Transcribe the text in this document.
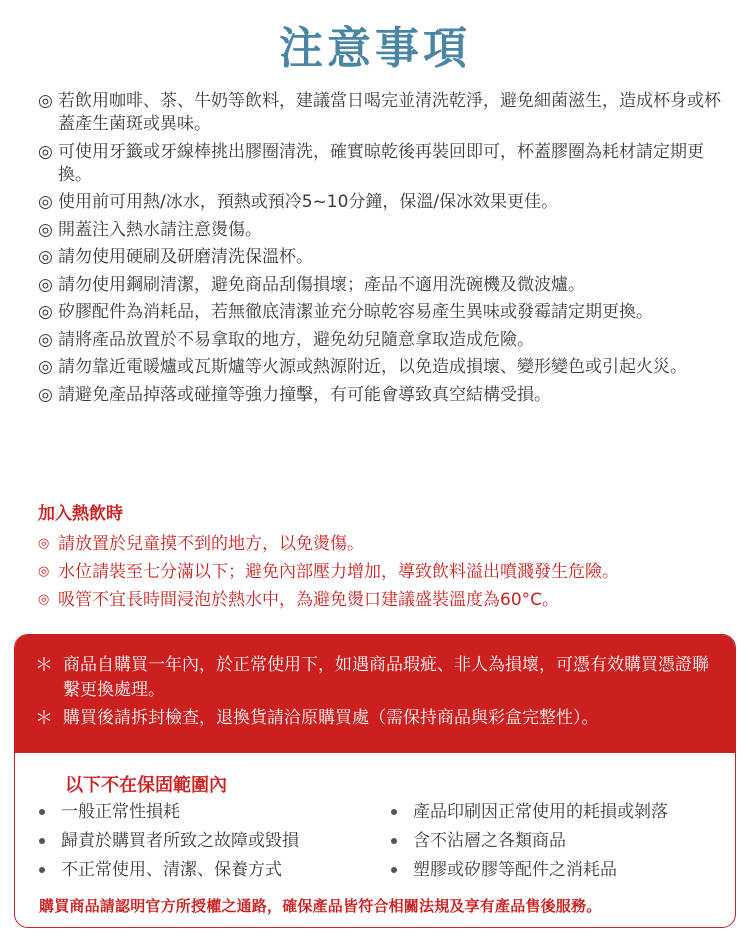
注意事項
◎ 若飲用咖啡、茶、牛奶等飲料，建議當日喝完並清洗乾淨，避免細菌滋生，造成杯身或杯蓋產生菌斑或異味。
◎ 可使用牙籤或牙線棒挑出膠圈清洗，確實晾乾後再裝回即可，杯蓋膠圈為耗材請定期更換。
◎ 使用前可用熱/冰水，預熱或預冷5~10分鐘，保溫/保冰效果更佳。
◎ 開蓋注入熱水請注意燙傷。
◎ 請勿使用硬刷及研磨清洗保溫杯。
◎ 請勿使用鋼刷清潔，避免商品刮傷損壞；產品不適用洗碗機及微波爐。
◎ 矽膠配件為消耗品，若無徹底清潔並充分晾乾容易產生異味或發霉請定期更換。
◎ 請將產品放置於不易拿取的地方，避免幼兒隨意拿取造成危險。
◎ 請勿靠近電暖爐或瓦斯爐等火源或熱源附近，以免造成損壞、變形變色或引起火災。
◎ 請避免產品掉落或碰撞等強力撞擊，有可能會導致真空結構受損。
加入熱飲時
◎ 請放置於兒童摸不到的地方，以免燙傷。
◎ 水位請裝至七分滿以下；避免內部壓力增加，導致飲料溢出噴濺發生危險。
◎ 吸管不宜長時間浸泡於熱水中，為避免燙口建議盛裝溫度為60°C。
＊ 商品自購買一年內，於正常使用下，如遇商品瑕疵、非人為損壞，可憑有效購買憑證聯繫更換處理。
＊ 購買後請拆封檢查，退換貨請洽原購買處（需保持商品與彩盒完整性）。
以下不在保固範圍內
一般正常性損耗
歸責於購買者所致之故障或毀損
不正常使用、清潔、保養方式
產品印刷因正常使用的耗損或剝落
含不沾層之各類商品
塑膠或矽膠等配件之消耗品
購買商品請認明官方所授權之通路，確保產品皆符合相關法規及享有產品售後服務。
